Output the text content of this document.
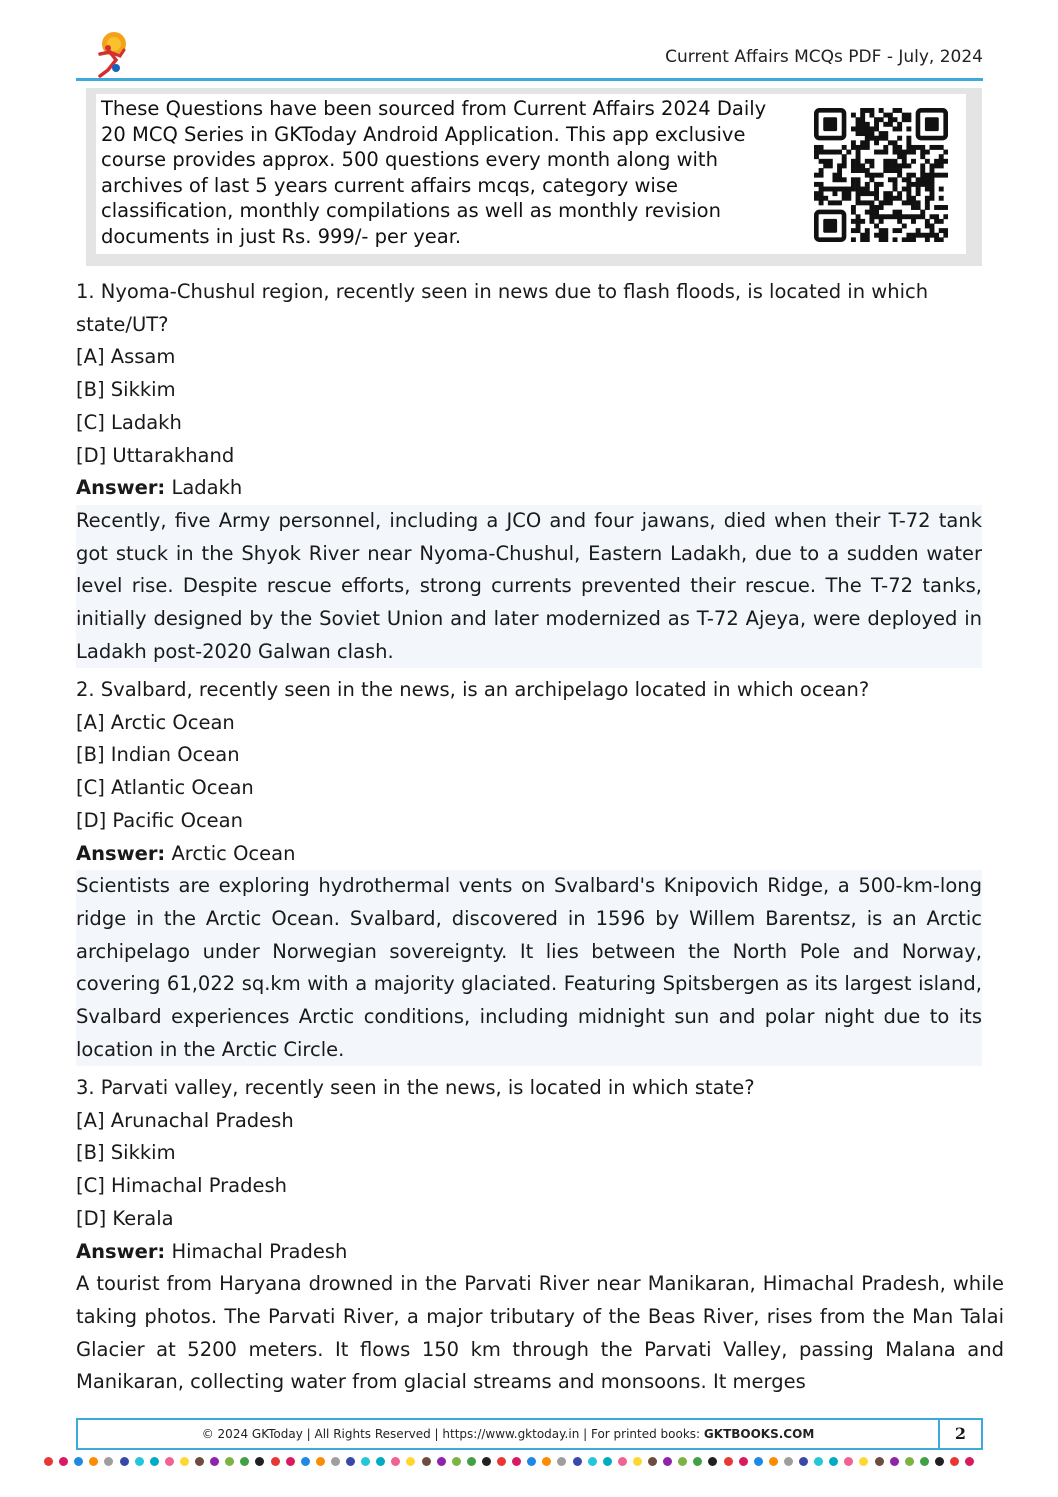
Current Affairs MCQs PDF - July, 2024
These Questions have been sourced from Current Affairs 2024 Daily
20 MCQ Series in GKToday Android Application. This app exclusive
course provides approx. 500 questions every month along with
archives of last 5 years current affairs mcqs, category wise
classification, monthly compilations as well as monthly revision
documents in just Rs. 999/- per year.
1. Nyoma-Chushul region, recently seen in news due to flash floods, is located in which state/UT?
[A] Assam
[B] Sikkim
[C] Ladakh
[D] Uttarakhand
Answer: Ladakh
Recently, five Army personnel, including a JCO and four jawans, died when their T-72 tank got stuck in the Shyok River near Nyoma-Chushul, Eastern Ladakh, due to a sudden water level rise. Despite rescue efforts, strong currents prevented their rescue. The T-72 tanks, initially designed by the Soviet Union and later modernized as T-72 Ajeya, were deployed in Ladakh post-2020 Galwan clash.
2. Svalbard, recently seen in the news, is an archipelago located in which ocean?
[A] Arctic Ocean
[B] Indian Ocean
[C] Atlantic Ocean
[D] Pacific Ocean
Answer: Arctic Ocean
Scientists are exploring hydrothermal vents on Svalbard's Knipovich Ridge, a 500-km-long ridge in the Arctic Ocean. Svalbard, discovered in 1596 by Willem Barentsz, is an Arctic archipelago under Norwegian sovereignty. It lies between the North Pole and Norway, covering 61,022 sq.km with a majority glaciated. Featuring Spitsbergen as its largest island, Svalbard experiences Arctic conditions, including midnight sun and polar night due to its location in the Arctic Circle.
3. Parvati valley, recently seen in the news, is located in which state?
[A] Arunachal Pradesh
[B] Sikkim
[C] Himachal Pradesh
[D] Kerala
Answer: Himachal Pradesh
A tourist from Haryana drowned in the Parvati River near Manikaran, Himachal Pradesh, while taking photos. The Parvati River, a major tributary of the Beas River, rises from the Man Talai Glacier at 5200 meters. It flows 150 km through the Parvati Valley, passing Malana and Manikaran, collecting water from glacial streams and monsoons. It merges
© 2024 GKToday | All Rights Reserved | https://www.gktoday.in | For printed books: GKTBOOKS.COM	2
